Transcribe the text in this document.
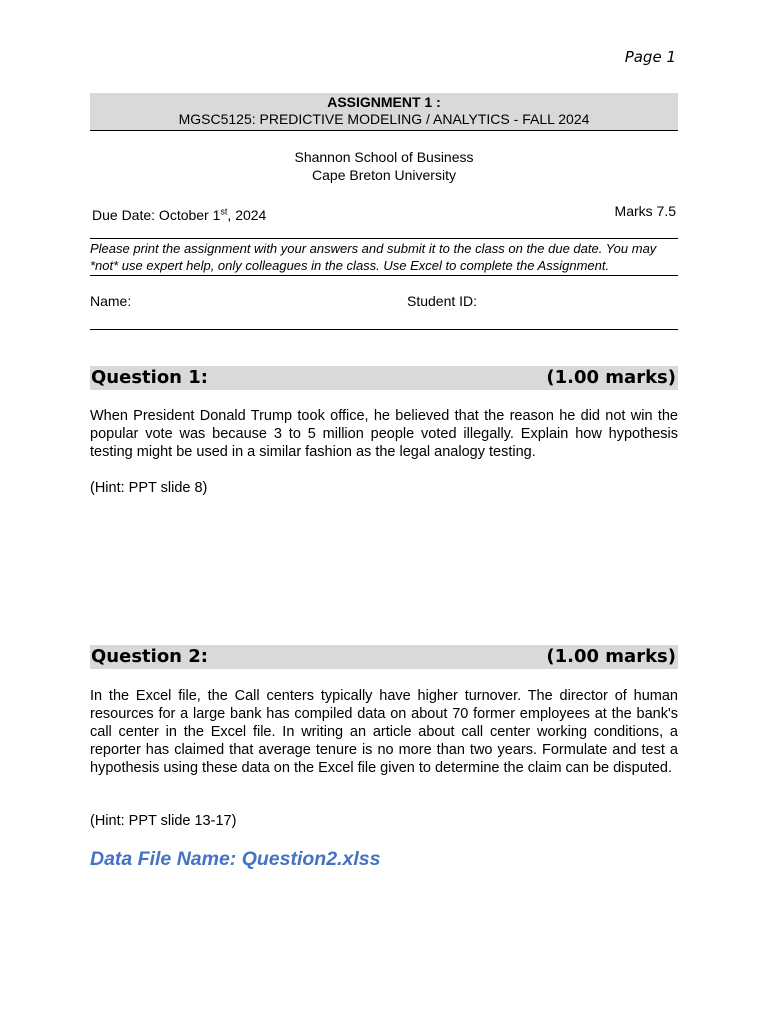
Page 1
ASSIGNMENT 1 :
MGSC5125: PREDICTIVE MODELING / ANALYTICS - FALL 2024
Shannon School of Business
Cape Breton University
Due Date: October 1st, 2024	Marks 7.5
Please print the assignment with your answers and submit it to the class on the due date. You may *not* use expert help, only colleagues in the class. Use Excel to complete the Assignment.
Name:	Student ID:
Question 1:	(1.00 marks)
When President Donald Trump took office, he believed that the reason he did not win the popular vote was because 3 to 5 million people voted illegally. Explain how hypothesis testing might be used in a similar fashion as the legal analogy testing.
(Hint: PPT slide 8)
Question 2:	(1.00 marks)
In the Excel file, the Call centers typically have higher turnover. The director of human resources for a large bank has compiled data on about 70 former employees at the bank's call center in the Excel file. In writing an article about call center working conditions, a reporter has claimed that average tenure is no more than two years. Formulate and test a hypothesis using these data on the Excel file given to determine the claim can be disputed.
(Hint: PPT slide 13-17)
Data File Name: Question2.xlss
